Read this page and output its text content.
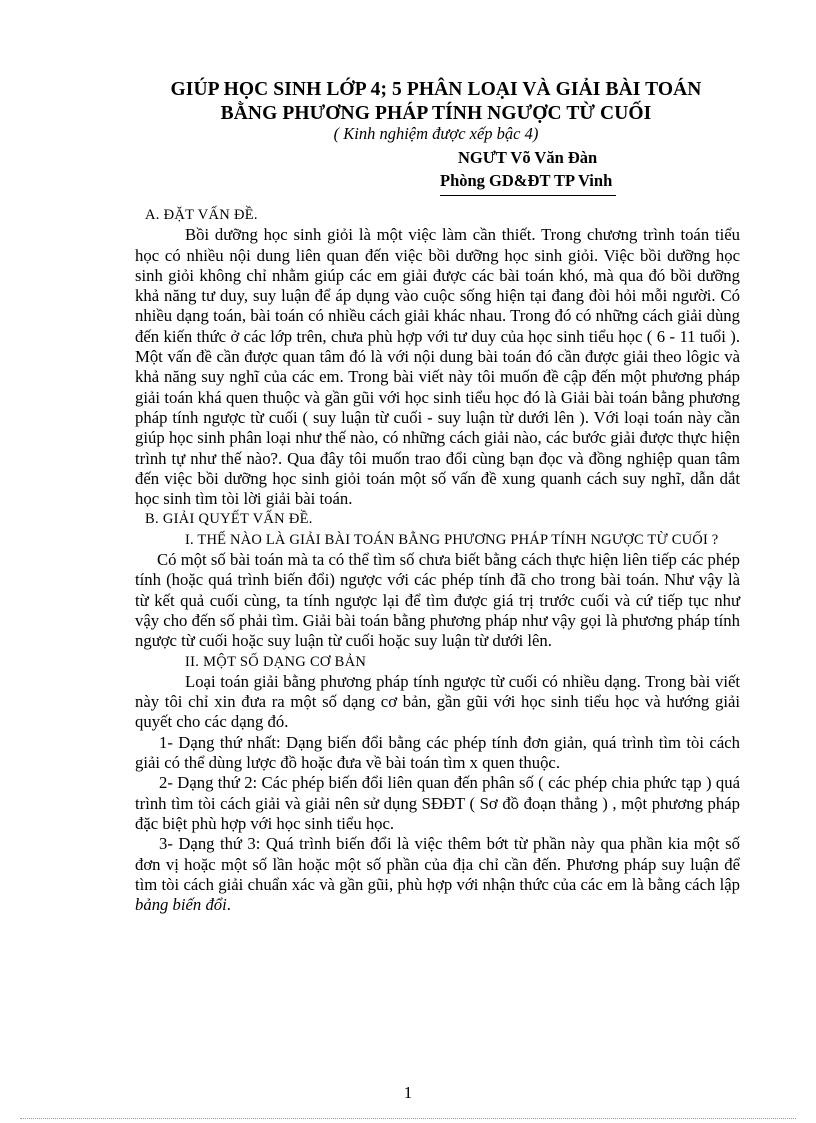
GIÚP HỌC SINH LỚP 4; 5 PHÂN LOẠI VÀ GIẢI BÀI TOÁN
BẰNG PHƯƠNG PHÁP TÍNH NGƯỢC TỪ CUỐI
( Kinh nghiệm được xếp bậc 4)
NGƯT Võ Văn Đàn
Phòng GD&ĐT TP Vinh

A. ĐẶT VẤN ĐỀ.

Bồi dưỡng học sinh giỏi là một việc làm cần thiết. Trong chương trình toán tiểu học có nhiều nội dung liên quan đến việc bồi dưỡng học sinh giỏi. Việc bồi dưỡng học sinh giỏi không chỉ nhằm giúp các em giải được các bài toán khó, mà qua đó bồi dưỡng khả năng tư duy, suy luận để áp dụng vào cuộc sống hiện tại đang đòi hỏi mỗi người. Có nhiều dạng toán, bài toán có nhiều cách giải khác nhau. Trong đó có những cách giải dùng đến kiến thức ở các lớp trên, chưa phù hợp với tư duy của học sinh tiểu học ( 6 - 11 tuổi ). Một vấn đề cần được quan tâm đó là với nội dung bài toán đó cần được giải theo lôgic và khả năng suy nghĩ của các em. Trong bài viết này tôi muốn đề cập đến một phương pháp giải toán khá quen thuộc và gần gũi với học sinh tiểu học đó là Giải bài toán bằng phương pháp tính ngược từ cuối ( suy luận từ cuối - suy luận từ dưới lên ). Với loại toán này cần giúp học sinh phân loại như thế nào, có những cách giải nào, các bước giải được thực hiện trình tự như thế nào?. Qua đây tôi muốn trao đổi cùng bạn đọc và đồng nghiệp quan tâm đến việc bồi dưỡng học sinh giỏi toán một số vấn đề xung quanh cách suy nghĩ, dẫn dắt học sinh tìm tòi lời giải bài toán.

B. GIẢI QUYẾT VẤN ĐỀ.

I. THẾ NÀO LÀ GIẢI BÀI TOÁN BẰNG PHƯƠNG PHÁP TÍNH NGƯỢC TỪ CUỐI ?

Có một số bài toán mà ta có thể tìm số chưa biết bằng cách thực hiện liên tiếp các phép tính (hoặc quá trình biến đổi) ngược với các phép tính đã cho trong bài toán. Như vậy là từ kết quả cuối cùng, ta tính ngược lại để tìm được giá trị trước cuối và cứ tiếp tục như vậy cho đến số phải tìm. Giải bài toán bằng phương pháp như vậy gọi là phương pháp tính ngược từ cuối hoặc suy luận từ cuối hoặc suy luận từ dưới lên.

II. MỘT SỐ DẠNG CƠ BẢN

Loại toán giải bằng phương pháp tính ngược từ cuối có nhiều dạng. Trong bài viết này tôi chỉ xin đưa ra một số dạng cơ bản, gần gũi với học sinh tiểu học và hướng giải quyết cho các dạng đó.

1- Dạng thứ nhất: Dạng biến đổi bằng các phép tính đơn giản, quá trình tìm tòi cách giải có thể dùng lược đồ hoặc đưa về bài toán tìm x quen thuộc.

2- Dạng thứ 2: Các phép biến đổi liên quan đến phân số ( các phép chia phức tạp ) quá trình tìm tòi cách giải và giải nên sử dụng SĐĐT ( Sơ đồ đoạn thẳng ) , một phương pháp đặc biệt phù hợp với học sinh tiểu học.

3- Dạng thứ 3: Quá trình biến đổi là việc thêm bớt từ phần này qua phần kia một số đơn vị hoặc một số lần hoặc một số phần của địa chỉ cần đến. Phương pháp suy luận để tìm tòi cách giải chuẩn xác và gần gũi, phù hợp với nhận thức của các em là bằng cách lập bảng biến đổi.

1
